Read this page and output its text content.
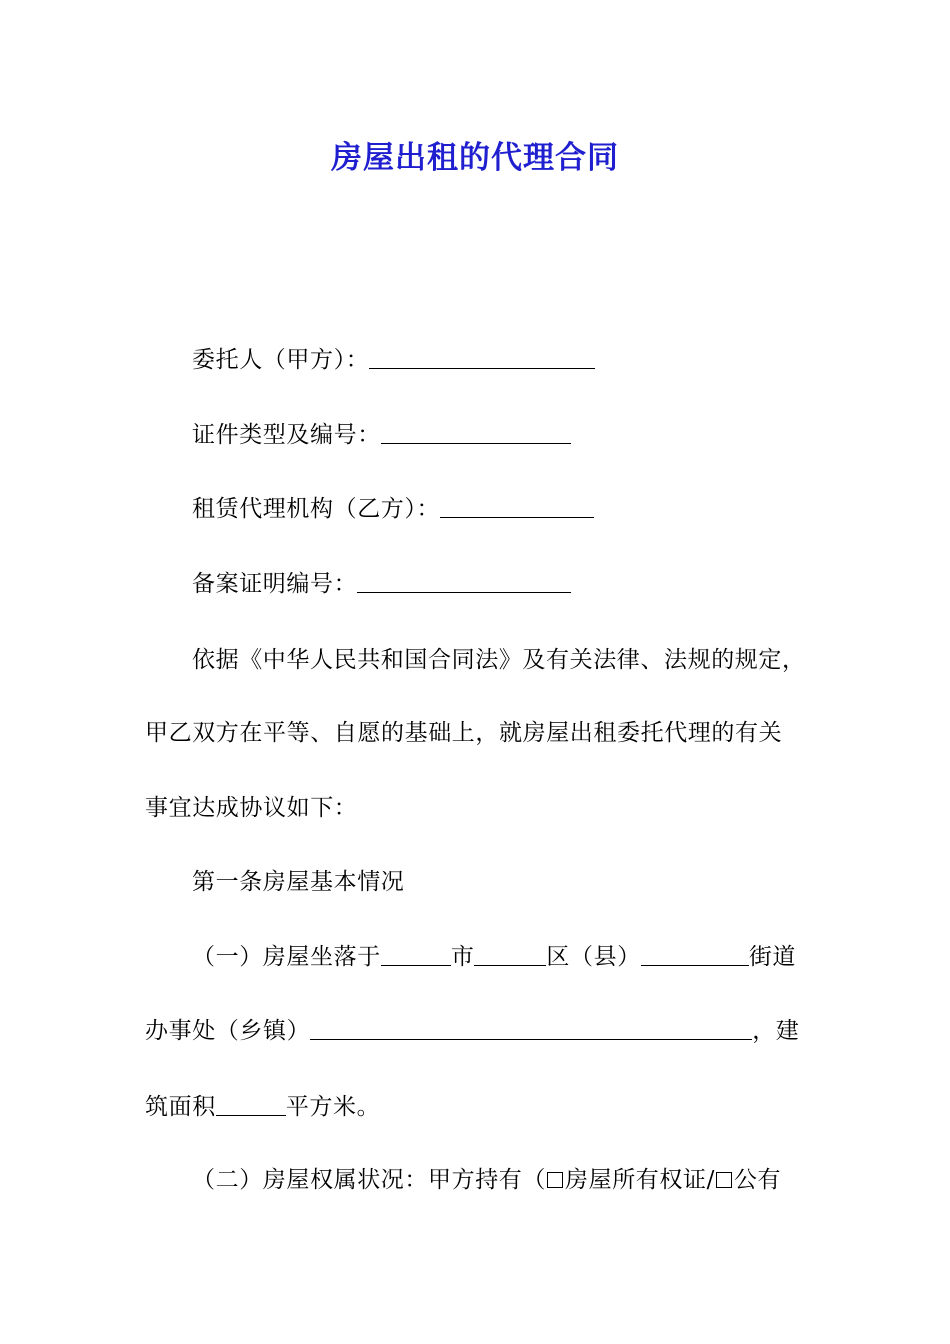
房屋出租的代理合同
委托人（甲方）：
证件类型及编号：
租赁代理机构（乙方）：
备案证明编号：
依据《中华人民共和国合同法》及有关法律、法规的规定，
甲乙双方在平等、自愿的基础上，就房屋出租委托代理的有关
事宜达成协议如下：
第一条房屋基本情况
（一）房屋坐落于	市	区（县）	街道
办事处（乡镇）	，建
筑面积	平方米。
（二）房屋权属状况：甲方持有（ 房屋所有权证/ 公有
